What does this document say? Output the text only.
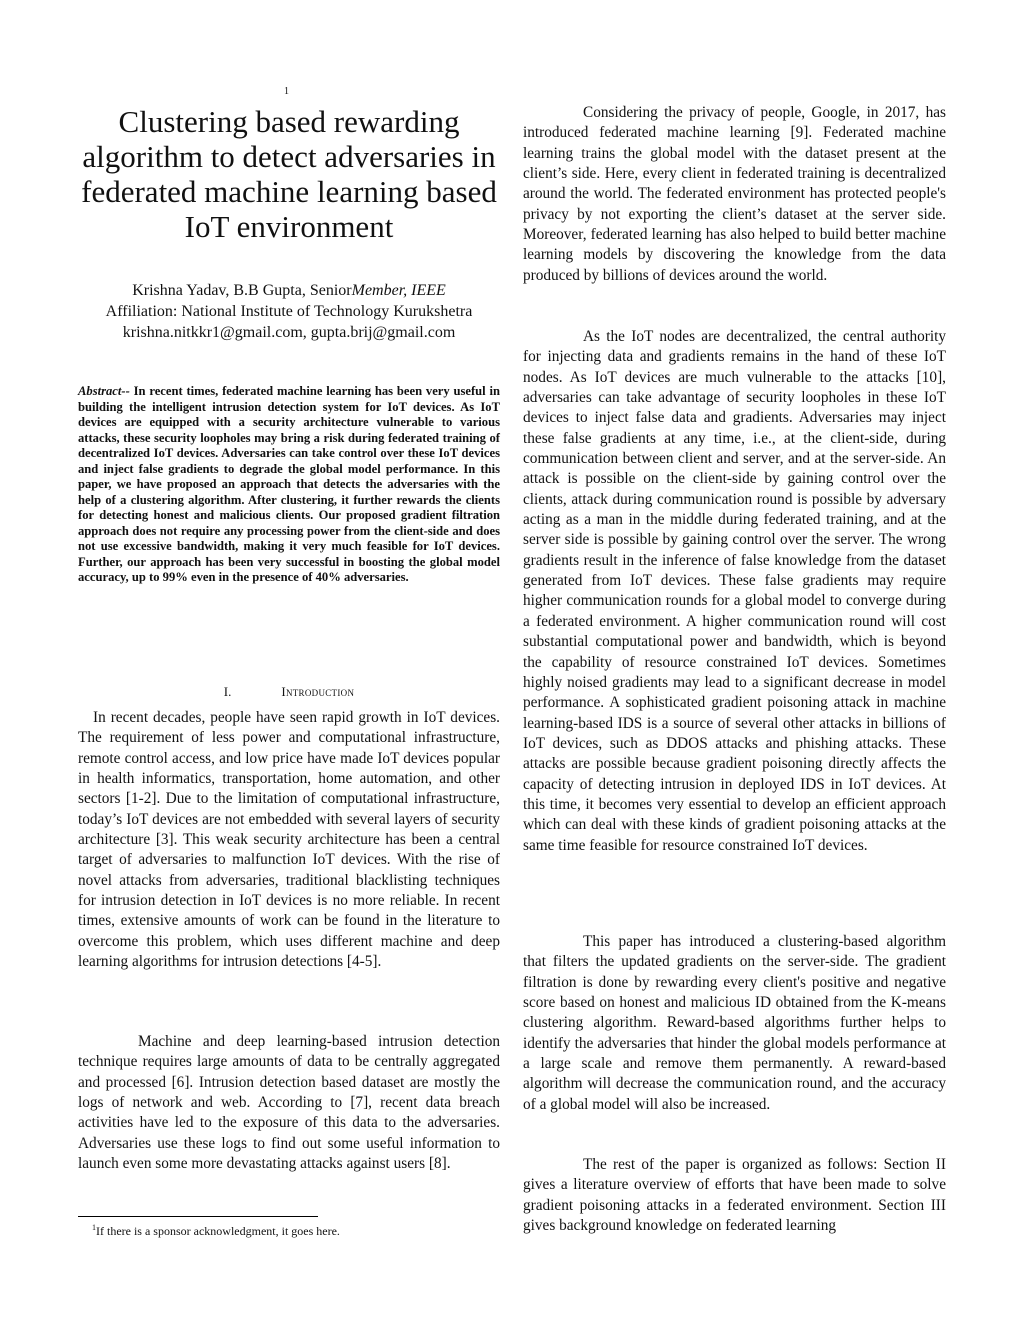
1
Clustering based rewarding algorithm to detect adversaries in federated machine learning based IoT environment
Krishna Yadav, B.B Gupta, SeniorMember, IEEE
Affiliation: National Institute of Technology Kurukshetra
krishna.nitkkr1@gmail.com, gupta.brij@gmail.com

Abstract-- In recent times, federated machine learning has been very useful in building the intelligent intrusion detection system for IoT devices. As IoT devices are equipped with a security architecture vulnerable to various attacks, these security loopholes may bring a risk during federated training of decentralized IoT devices. Adversaries can take control over these IoT devices and inject false gradients to degrade the global model performance. In this paper, we have proposed an approach that detects the adversaries with the help of a clustering algorithm. After clustering, it further rewards the clients for detecting honest and malicious clients. Our proposed gradient filtration approach does not require any processing power from the client-side and does not use excessive bandwidth, making it very much feasible for IoT devices. Further, our approach has been very successful in boosting the global model accuracy, up to 99% even in the presence of 40% adversaries.

I.	Introduction

In recent decades, people have seen rapid growth in IoT devices. The requirement of less power and computational infrastructure, remote control access, and low price have made IoT devices popular in health informatics, transportation, home automation, and other sectors [1-2]. Due to the limitation of computational infrastructure, today’s IoT devices are not embedded with several layers of security architecture [3]. This weak security architecture has been a central target of adversaries to malfunction IoT devices. With the rise of novel attacks from adversaries, traditional blacklisting techniques for intrusion detection in IoT devices is no more reliable. In recent times, extensive amounts of work can be found in the literature to overcome this problem, which uses different machine and deep learning algorithms for intrusion detections [4-5].

Machine and deep learning-based intrusion detection technique requires large amounts of data to be centrally aggregated and processed [6]. Intrusion detection based dataset are mostly the logs of network and web. According to [7], recent data breach activities have led to the exposure of this data to the adversaries. Adversaries use these logs to find out some useful information to launch even some more devastating attacks against users [8].

$^1$If there is a sponsor acknowledgment, it goes here.

Considering the privacy of people, Google, in 2017, has introduced federated machine learning [9]. Federated machine learning trains the global model with the dataset present at the client’s side. Here, every client in federated training is decentralized around the world. The federated environment has protected people's privacy by not exporting the client’s dataset at the server side. Moreover, federated learning has also helped to build better machine learning models by discovering the knowledge from the data produced by billions of devices around the world.

As the IoT nodes are decentralized, the central authority for injecting data and gradients remains in the hand of these IoT nodes. As IoT devices are much vulnerable to the attacks [10], adversaries can take advantage of security loopholes in these IoT devices to inject false data and gradients. Adversaries may inject these false gradients at any time, i.e., at the client-side, during communication between client and server, and at the server-side. An attack is possible on the client-side by gaining control over the clients, attack during communication round is possible by adversary acting as a man in the middle during federated training, and at the server side is possible by gaining control over the server. The wrong gradients result in the inference of false knowledge from the dataset generated from IoT devices. These false gradients may require higher communication rounds for a global model to converge during a federated environment. A higher communication round will cost substantial computational power and bandwidth, which is beyond the capability of resource constrained IoT devices. Sometimes highly noised gradients may lead to a significant decrease in model performance. A sophisticated gradient poisoning attack in machine learning-based IDS is a source of several other attacks in billions of IoT devices, such as DDOS attacks and phishing attacks. These attacks are possible because gradient poisoning directly affects the capacity of detecting intrusion in deployed IDS in IoT devices. At this time, it becomes very essential to develop an efficient approach which can deal with these kinds of gradient poisoning attacks at the same time feasible for resource constrained IoT devices.

This paper has introduced a clustering-based algorithm that filters the updated gradients on the server-side. The gradient filtration is done by rewarding every client's positive and negative score based on honest and malicious ID obtained from the K-means clustering algorithm. Reward-based algorithms further helps to identify the adversaries that hinder the global models performance at a large scale and remove them permanently. A reward-based algorithm will decrease the communication round, and the accuracy of a global model will also be increased.

The rest of the paper is organized as follows: Section II gives a literature overview of efforts that have been made to solve gradient poisoning attacks in a federated environment. Section III gives background knowledge on federated learning
